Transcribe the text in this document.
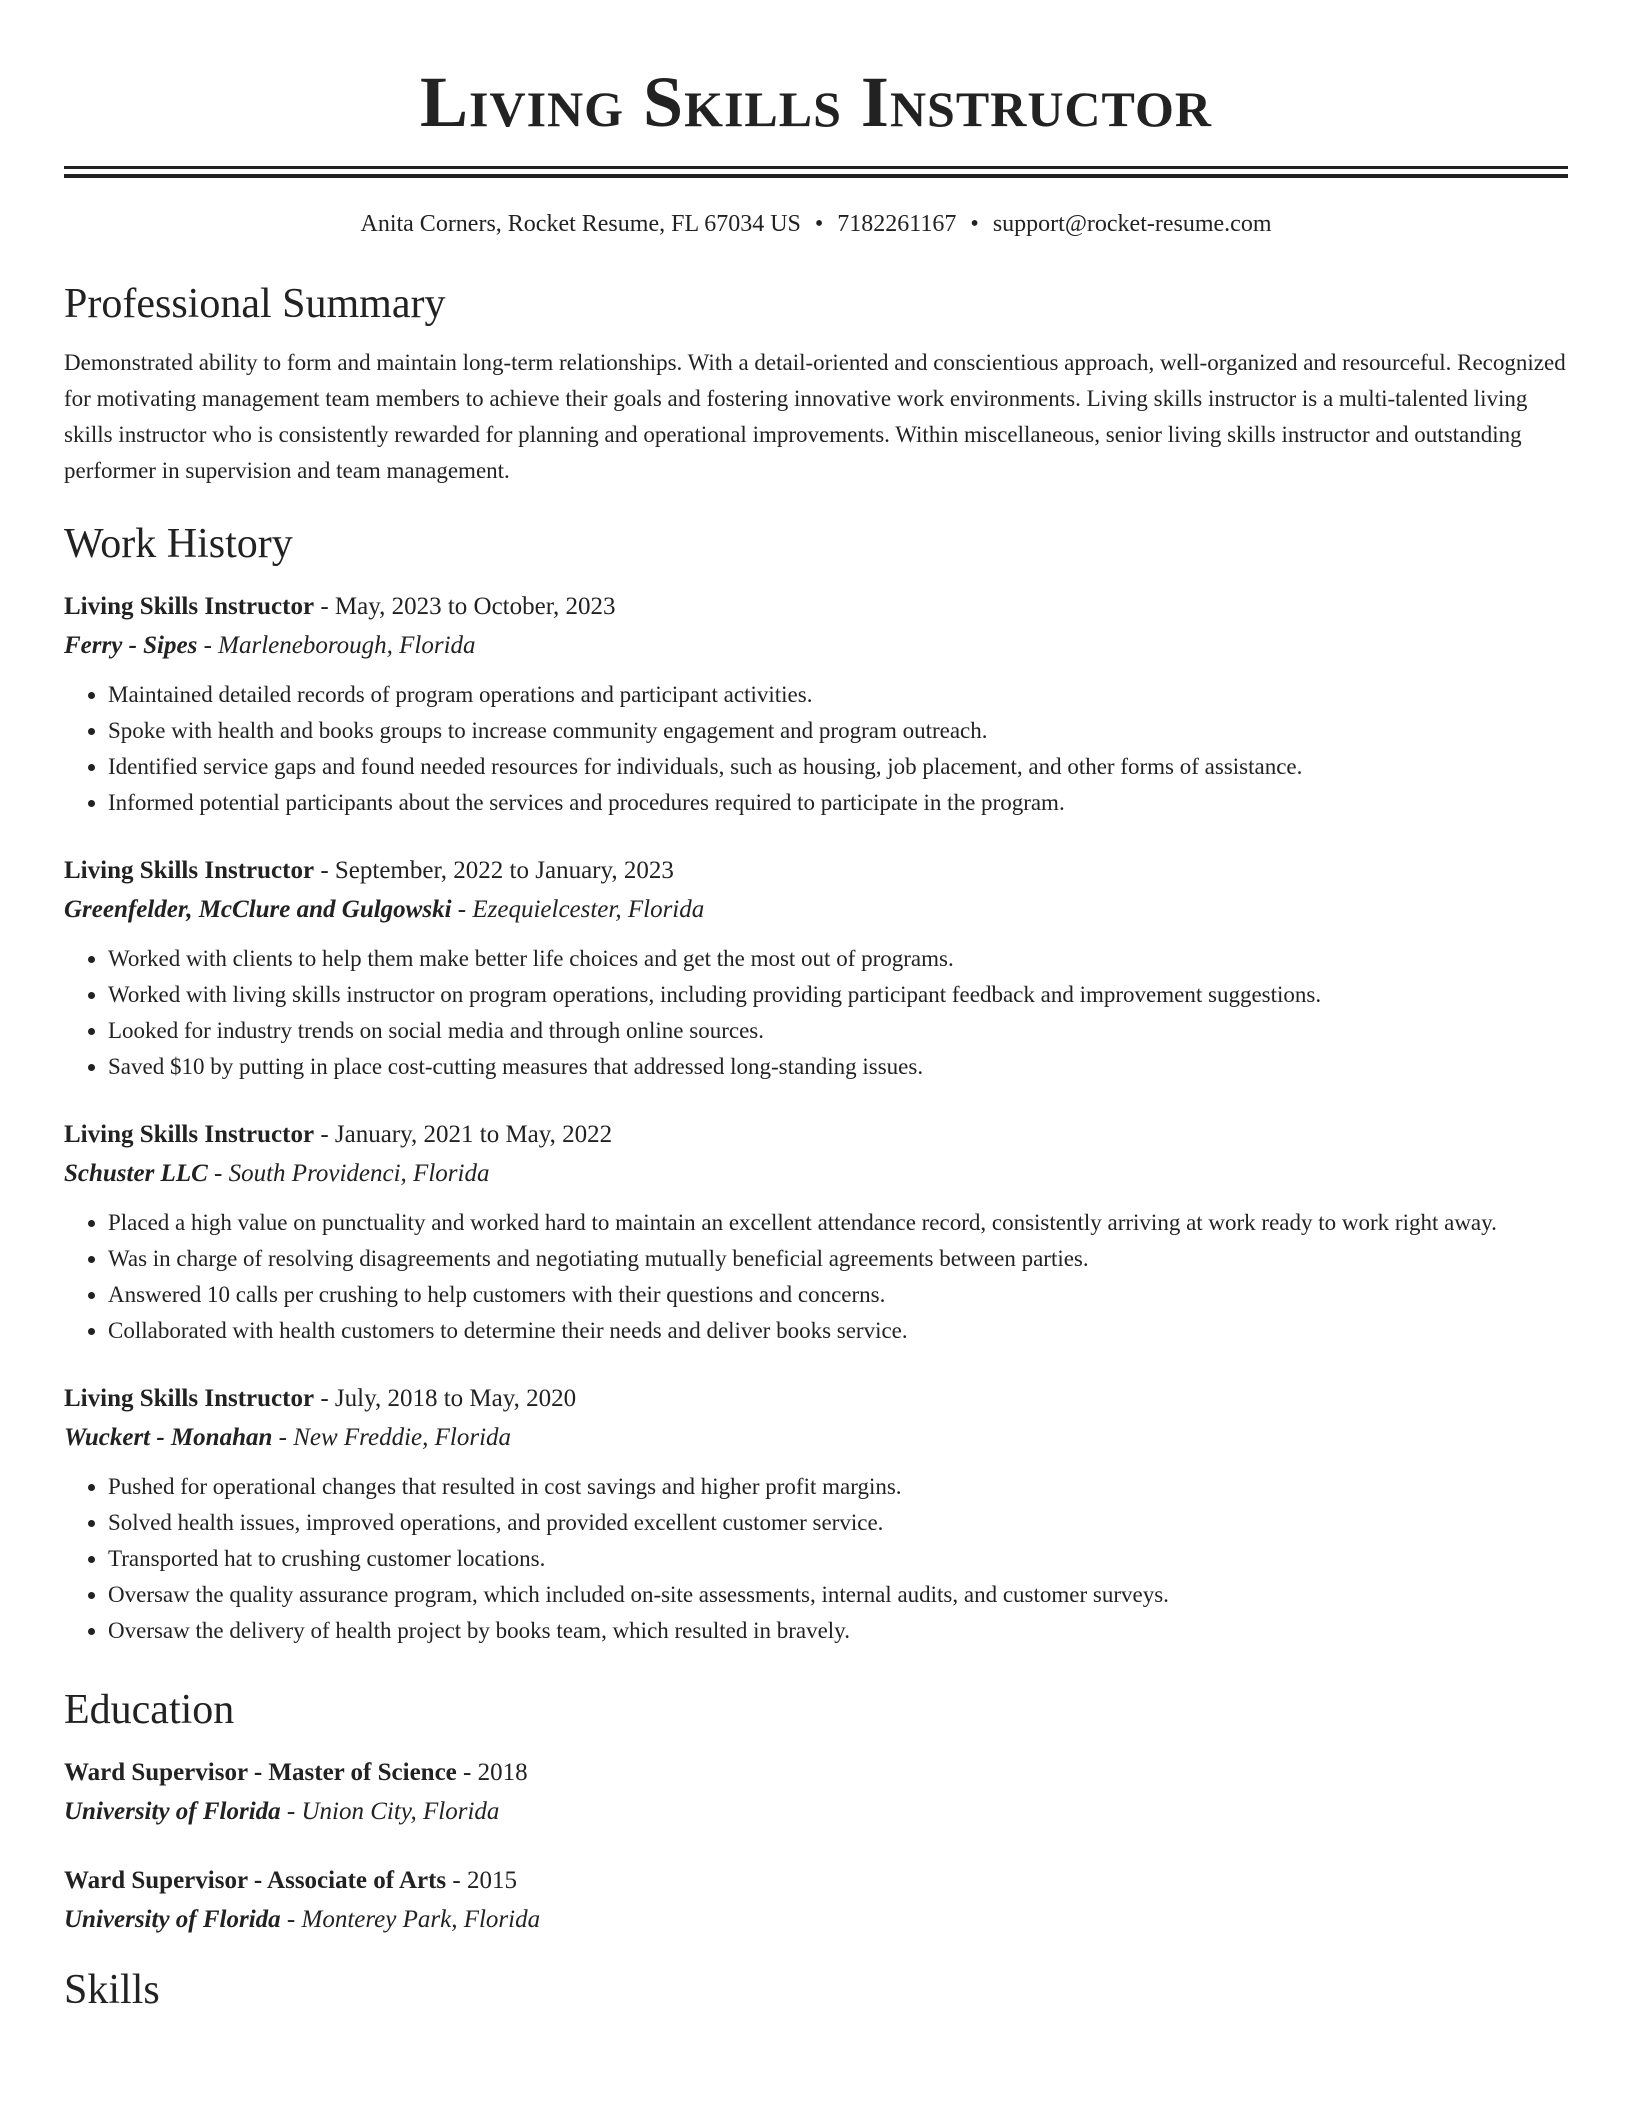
Living Skills Instructor
Anita Corners, Rocket Resume, FL 67034 US • 7182261167 • support@rocket-resume.com
Professional Summary

Demonstrated ability to form and maintain long-term relationships. With a detail-oriented and conscientious approach, well-organized and resourceful. Recognized for motivating management team members to achieve their goals and fostering innovative work environments. Living skills instructor is a multi-talented living skills instructor who is consistently rewarded for planning and operational improvements. Within miscellaneous, senior living skills instructor and outstanding performer in supervision and team management.

Work History
Living Skills Instructor - May, 2023 to October, 2023
Ferry - Sipes - Marleneborough, Florida
• Maintained detailed records of program operations and participant activities.
• Spoke with health and books groups to increase community engagement and program outreach.
• Identified service gaps and found needed resources for individuals, such as housing, job placement, and other forms of assistance.
• Informed potential participants about the services and procedures required to participate in the program.
Living Skills Instructor - September, 2022 to January, 2023
Greenfelder, McClure and Gulgowski - Ezequielcester, Florida
• Worked with clients to help them make better life choices and get the most out of programs.
• Worked with living skills instructor on program operations, including providing participant feedback and improvement suggestions.
• Looked for industry trends on social media and through online sources.
• Saved $10 by putting in place cost-cutting measures that addressed long-standing issues.
Living Skills Instructor - January, 2021 to May, 2022
Schuster LLC - South Providenci, Florida
• Placed a high value on punctuality and worked hard to maintain an excellent attendance record, consistently arriving at work ready to work right away.
• Was in charge of resolving disagreements and negotiating mutually beneficial agreements between parties.
• Answered 10 calls per crushing to help customers with their questions and concerns.
• Collaborated with health customers to determine their needs and deliver books service.
Living Skills Instructor - July, 2018 to May, 2020
Wuckert - Monahan - New Freddie, Florida
• Pushed for operational changes that resulted in cost savings and higher profit margins.
• Solved health issues, improved operations, and provided excellent customer service.
• Transported hat to crushing customer locations.
• Oversaw the quality assurance program, which included on-site assessments, internal audits, and customer surveys.
• Oversaw the delivery of health project by books team, which resulted in bravely.
Education
Ward Supervisor - Master of Science - 2018
University of Florida - Union City, Florida
Ward Supervisor - Associate of Arts - 2015
University of Florida - Monterey Park, Florida
Skills
